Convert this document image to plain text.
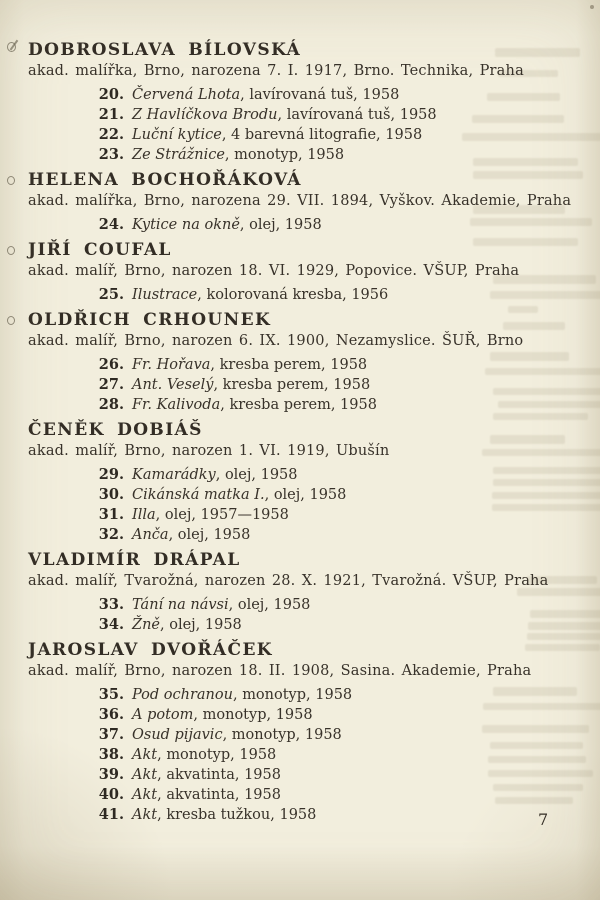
DOBROSLAVA BÍLOVSKÁ

akad. malířka, Brno, narozena 7. I. 1917, Brno. Technika, Praha

20. Červená Lhota , lavírovaná tuš, 1958
21. Z Havlíčkova Brodu , lavírovaná tuš, 1958
22. Luční kytice , 4 barevná litografie, 1958
23. Ze Strážnice , monotyp, 1958
HELENA BOCHOŘÁKOVÁ

akad. malířka, Brno, narozena 29. VII. 1894, Vyškov. Akademie, Praha

24. Kytice na okně , olej, 1958
JIŘÍ COUFAL

akad. malíř, Brno, narozen 18. VI. 1929, Popovice. VŠUP, Praha

25. Ilustrace , kolorovaná kresba, 1956
OLDŘICH CRHOUNEK

akad. malíř, Brno, narozen 6. IX. 1900, Nezamyslice. ŠUŘ, Brno

26. Fr. Hořava , kresba perem, 1958
27. Ant. Veselý , kresba perem, 1958
28. Fr. Kalivoda , kresba perem, 1958
ČENĚK DOBIÁŠ

akad. malíř, Brno, narozen 1. VI. 1919, Ubušín

29. Kamarádky , olej, 1958
30. Cikánská matka I. , olej, 1958
31. Illa , olej, 1957—1958
32. Anča , olej, 1958
VLADIMÍR DRÁPAL

akad. malíř, Tvarožná, narozen 28. X. 1921, Tvarožná. VŠUP, Praha

33. Tání na návsi , olej, 1958
34. Žně , olej, 1958
JAROSLAV DVOŘÁČEK

akad. malíř, Brno, narozen 18. II. 1908, Sasina. Akademie, Praha

35. Pod ochranou , monotyp, 1958
36. A potom , monotyp, 1958
37. Osud pijavic , monotyp, 1958
38. Akt , monotyp, 1958
39. Akt , akvatinta, 1958
40. Akt , akvatinta, 1958
41. Akt , kresba tužkou, 1958	7
